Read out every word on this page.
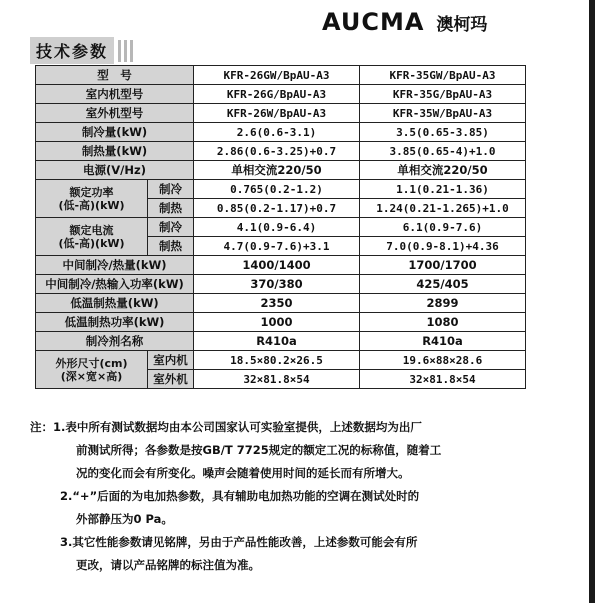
AUCMA 澳柯玛
技术参数
型　号		KFR-26GW/BpAU-A3	KFR-35GW/BpAU-A3
室内机型号		KFR-26G/BpAU-A3	KFR-35G/BpAU-A3
室外机型号		KFR-26W/BpAU-A3	KFR-35W/BpAU-A3
制冷量(kW)		2.6(0.6-3.1)	3.5(0.65-3.85)
制热量(kW)		2.86(0.6-3.25)+0.7	3.85(0.65-4)+1.0
电源(V/Hz)		单相交流220/50	单相交流220/50
额定功率
(低-高)(kW)	制冷	0.765(0.2-1.2)	1.1(0.21-1.36)
	制热	0.85(0.2-1.17)+0.7	1.24(0.21-1.265)+1.0
额定电流
(低-高)(kW)	制冷	4.1(0.9-6.4)	6.1(0.9-7.6)
	制热	4.7(0.9-7.6)+3.1	7.0(0.9-8.1)+4.36
中间制冷/热量(kW)		1400/1400	1700/1700
中间制冷/热输入功率(kW)		370/380	425/405
低温制热量(kW)		2350	2899
低温制热功率(kW)		1000	1080
制冷剂名称		R410a	R410a
外形尺寸(cm)
(深×宽×高)	室内机	18.5×80.2×26.5	19.6×88×28.6
	室外机	32×81.8×54	32×81.8×54
注：1.表中所有测试数据均由本公司国家认可实验室提供，上述数据均为出厂
前测试所得；各参数是按GB/T 7725规定的额定工况的标称值，随着工
况的变化而会有所变化。噪声会随着使用时间的延长而有所增大。
2.“+”后面的为电加热参数，具有辅助电加热功能的空调在测试处时的
外部静压为0 Pa。
3.其它性能参数请见铭牌，另由于产品性能改善，上述参数可能会有所
更改，请以产品铭牌的标注值为准。
